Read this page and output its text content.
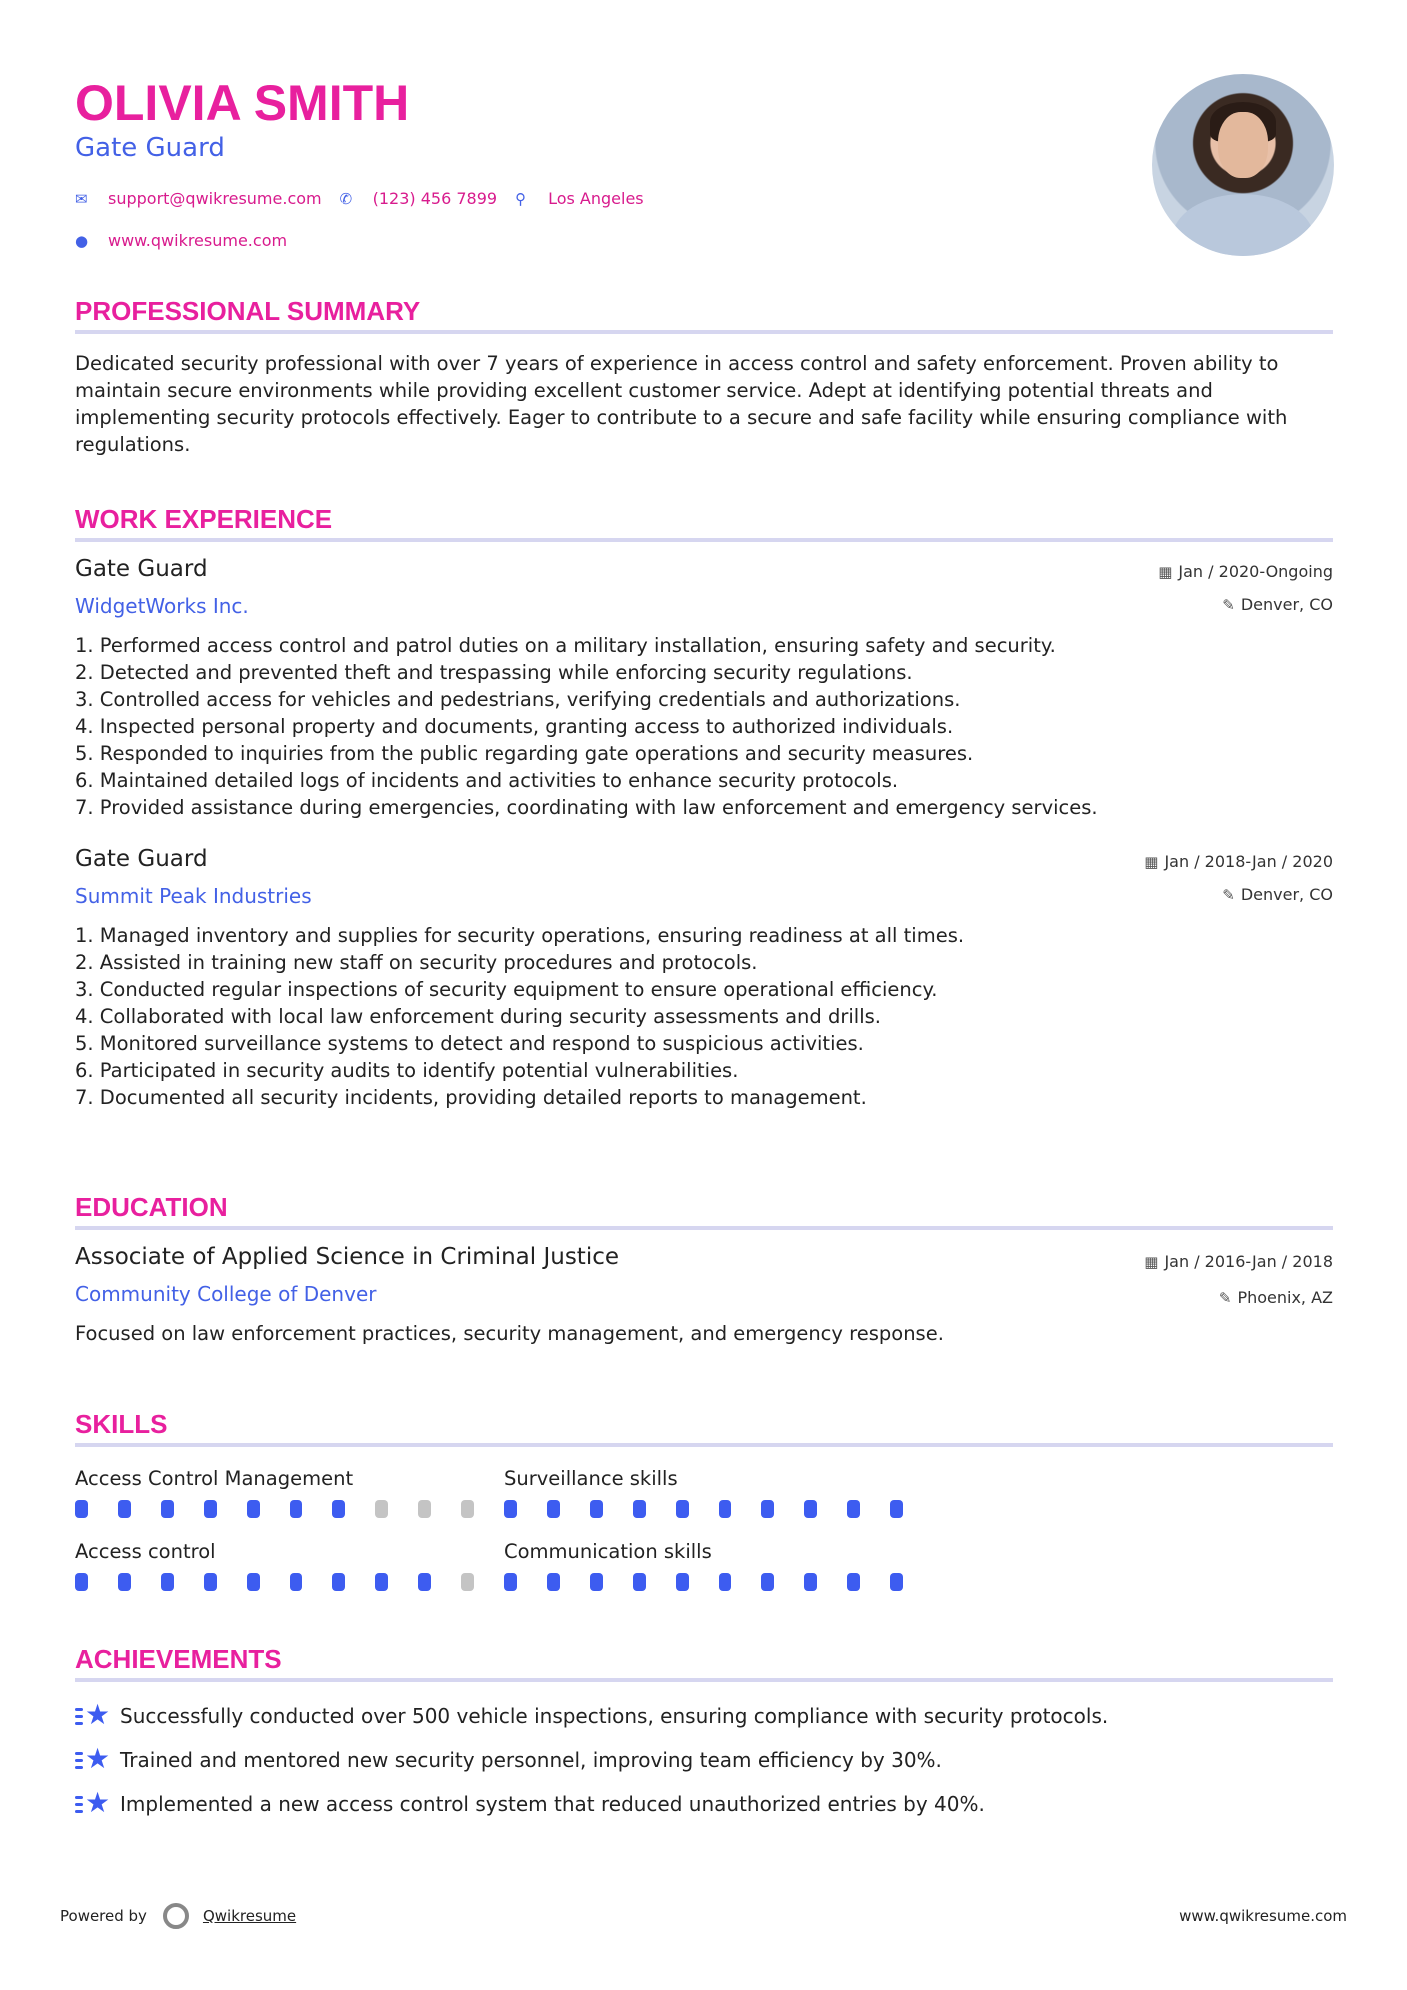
OLIVIA SMITH
Gate Guard
✉	support@qwikresume.com ✆	(123) 456 7899 ⚲	Los Angeles
●	www.qwikresume.com
PROFESSIONAL SUMMARY

Dedicated security professional with over 7 years of experience in access control and safety enforcement. Proven ability to maintain secure environments while providing excellent customer service. Adept at identifying potential threats and implementing security protocols effectively. Eager to contribute to a secure and safe facility while ensuring compliance with regulations.

WORK EXPERIENCE
▦ Jan / 2020-Ongoing
✎ Denver, CO
Gate Guard
WidgetWorks Inc.
1. Performed access control and patrol duties on a military installation, ensuring safety and security.
2. Detected and prevented theft and trespassing while enforcing security regulations.
3. Controlled access for vehicles and pedestrians, verifying credentials and authorizations.
4. Inspected personal property and documents, granting access to authorized individuals.
5. Responded to inquiries from the public regarding gate operations and security measures.
6. Maintained detailed logs of incidents and activities to enhance security protocols.
7. Provided assistance during emergencies, coordinating with law enforcement and emergency services.
▦ Jan / 2018-Jan / 2020
✎ Denver, CO
Gate Guard
Summit Peak Industries
1. Managed inventory and supplies for security operations, ensuring readiness at all times.
2. Assisted in training new staff on security procedures and protocols.
3. Conducted regular inspections of security equipment to ensure operational efficiency.
4. Collaborated with local law enforcement during security assessments and drills.
5. Monitored surveillance systems to detect and respond to suspicious activities.
6. Participated in security audits to identify potential vulnerabilities.
7. Documented all security incidents, providing detailed reports to management.
EDUCATION
▦ Jan / 2016-Jan / 2018
✎ Phoenix, AZ
Associate of Applied Science in Criminal Justice
Community College of Denver

Focused on law enforcement practices, security management, and emergency response.

SKILLS
Access Control Management	Surveillance skills
Access control	Communication skills
ACHIEVEMENTS
★ Successfully conducted over 500 vehicle inspections, ensuring compliance with security protocols.
★ Trained and mentored new security personnel, improving team efficiency by 30%.
★ Implemented a new access control system that reduced unauthorized entries by 40%.
Powered by	Qwikresume	www.qwikresume.com
